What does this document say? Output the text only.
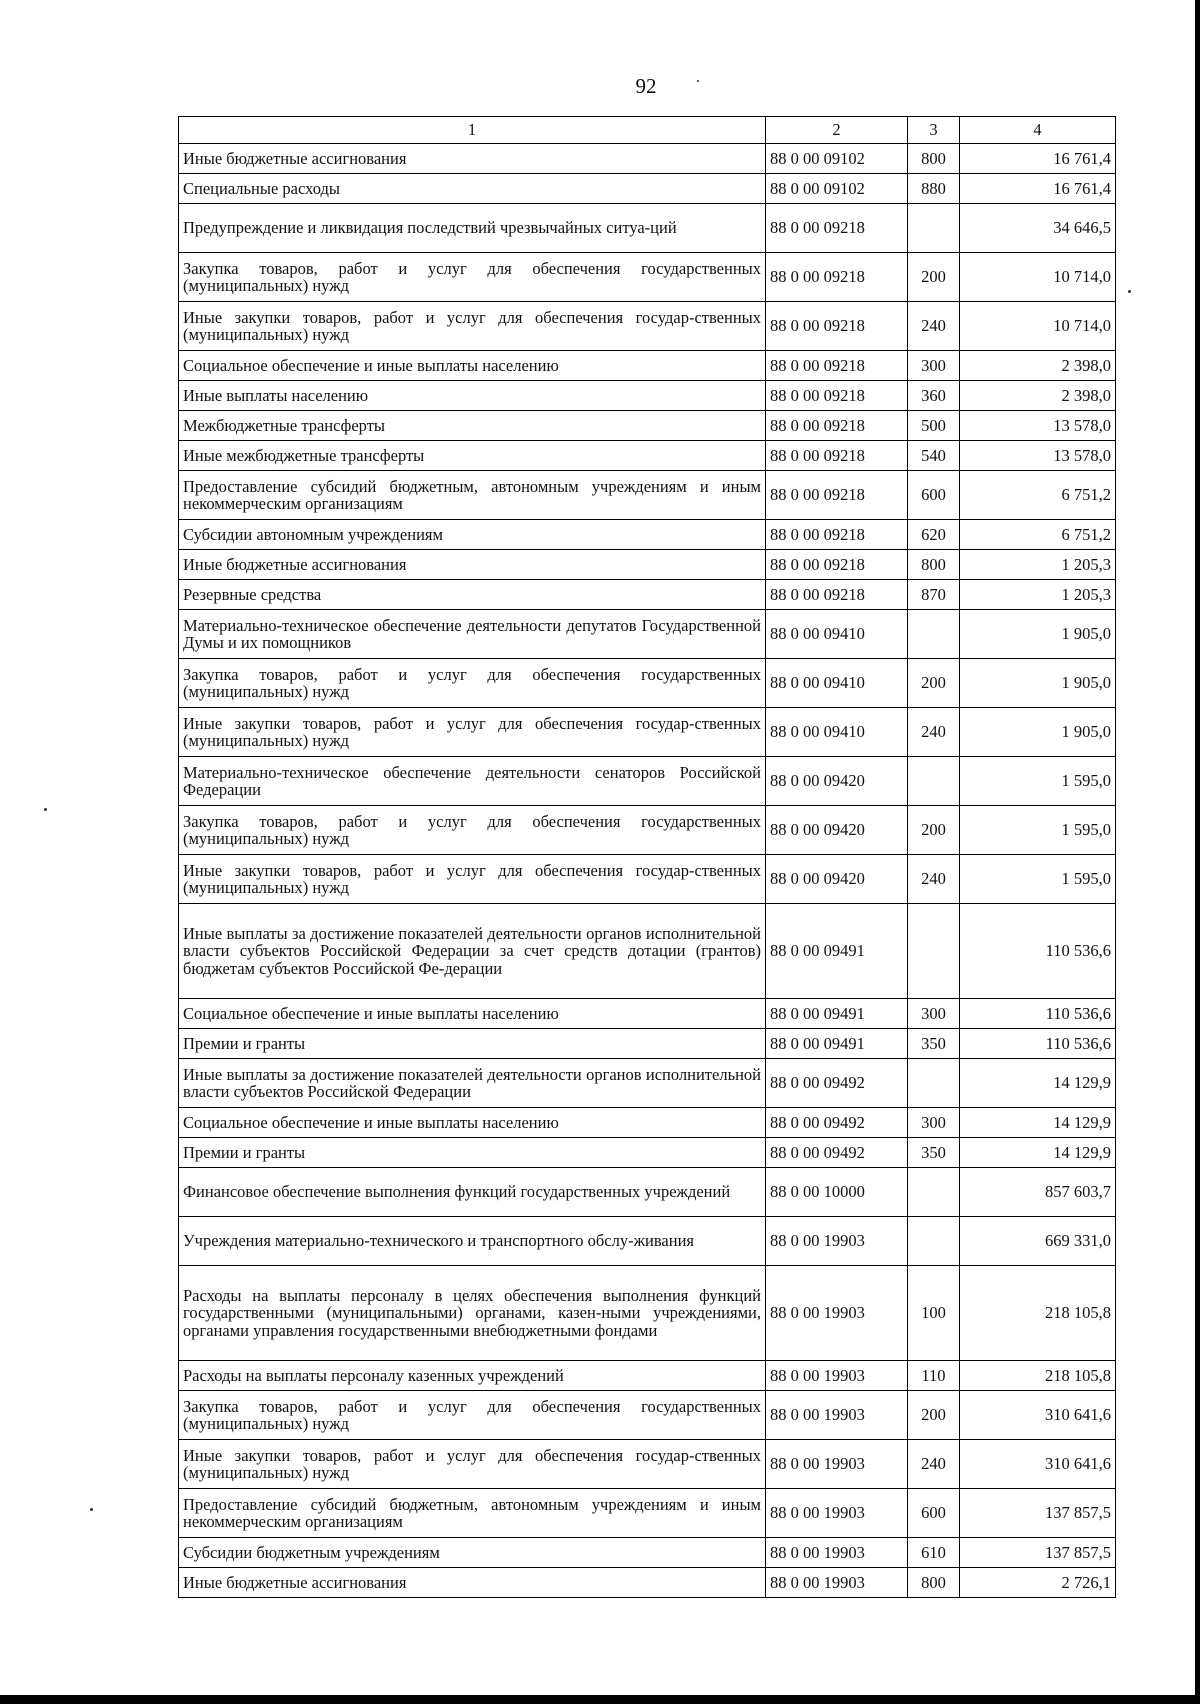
92
1	2	3	4
Иные бюджетные ассигнования	88 0 00 09102	800	16 761,4
Специальные расходы	88 0 00 09102	880	16 761,4
Предупреждение и ликвидация последствий чрезвычайных ситуа-ций	88 0 00 09218		34 646,5
Закупка товаров, работ и услуг для обеспечения государственных (муниципальных) нужд	88 0 00 09218	200	10 714,0
Иные закупки товаров, работ и услуг для обеспечения государ-ственных (муниципальных) нужд	88 0 00 09218	240	10 714,0
Социальное обеспечение и иные выплаты населению	88 0 00 09218	300	2 398,0
Иные выплаты населению	88 0 00 09218	360	2 398,0
Межбюджетные трансферты	88 0 00 09218	500	13 578,0
Иные межбюджетные трансферты	88 0 00 09218	540	13 578,0
Предоставление субсидий бюджетным, автономным учреждениям и иным некоммерческим организациям	88 0 00 09218	600	6 751,2
Субсидии автономным учреждениям	88 0 00 09218	620	6 751,2
Иные бюджетные ассигнования	88 0 00 09218	800	1 205,3
Резервные средства	88 0 00 09218	870	1 205,3
Материально-техническое обеспечение деятельности депутатов Государственной Думы и их помощников	88 0 00 09410		1 905,0
Закупка товаров, работ и услуг для обеспечения государственных (муниципальных) нужд	88 0 00 09410	200	1 905,0
Иные закупки товаров, работ и услуг для обеспечения государ-ственных (муниципальных) нужд	88 0 00 09410	240	1 905,0
Материально-техническое обеспечение деятельности сенаторов Российской Федерации	88 0 00 09420		1 595,0
Закупка товаров, работ и услуг для обеспечения государственных (муниципальных) нужд	88 0 00 09420	200	1 595,0
Иные закупки товаров, работ и услуг для обеспечения государ-ственных (муниципальных) нужд	88 0 00 09420	240	1 595,0
Иные выплаты за достижение показателей деятельности органов исполнительной власти субъектов Российской Федерации за счет средств дотации (грантов) бюджетам субъектов Российской Фе-дерации	88 0 00 09491		110 536,6
Социальное обеспечение и иные выплаты населению	88 0 00 09491	300	110 536,6
Премии и гранты	88 0 00 09491	350	110 536,6
Иные выплаты за достижение показателей деятельности органов исполнительной власти субъектов Российской Федерации	88 0 00 09492		14 129,9
Социальное обеспечение и иные выплаты населению	88 0 00 09492	300	14 129,9
Премии и гранты	88 0 00 09492	350	14 129,9
Финансовое обеспечение выполнения функций государственных учреждений	88 0 00 10000		857 603,7
Учреждения материально-технического и транспортного обслу-живания	88 0 00 19903		669 331,0
Расходы на выплаты персоналу в целях обеспечения выполнения функций государственными (муниципальными) органами, казен-ными учреждениями, органами управления государственными внебюджетными фондами	88 0 00 19903	100	218 105,8
Расходы на выплаты персоналу казенных учреждений	88 0 00 19903	110	218 105,8
Закупка товаров, работ и услуг для обеспечения государственных (муниципальных) нужд	88 0 00 19903	200	310 641,6
Иные закупки товаров, работ и услуг для обеспечения государ-ственных (муниципальных) нужд	88 0 00 19903	240	310 641,6
Предоставление субсидий бюджетным, автономным учреждениям и иным некоммерческим организациям	88 0 00 19903	600	137 857,5
Субсидии бюджетным учреждениям	88 0 00 19903	610	137 857,5
Иные бюджетные ассигнования	88 0 00 19903	800	2 726,1
